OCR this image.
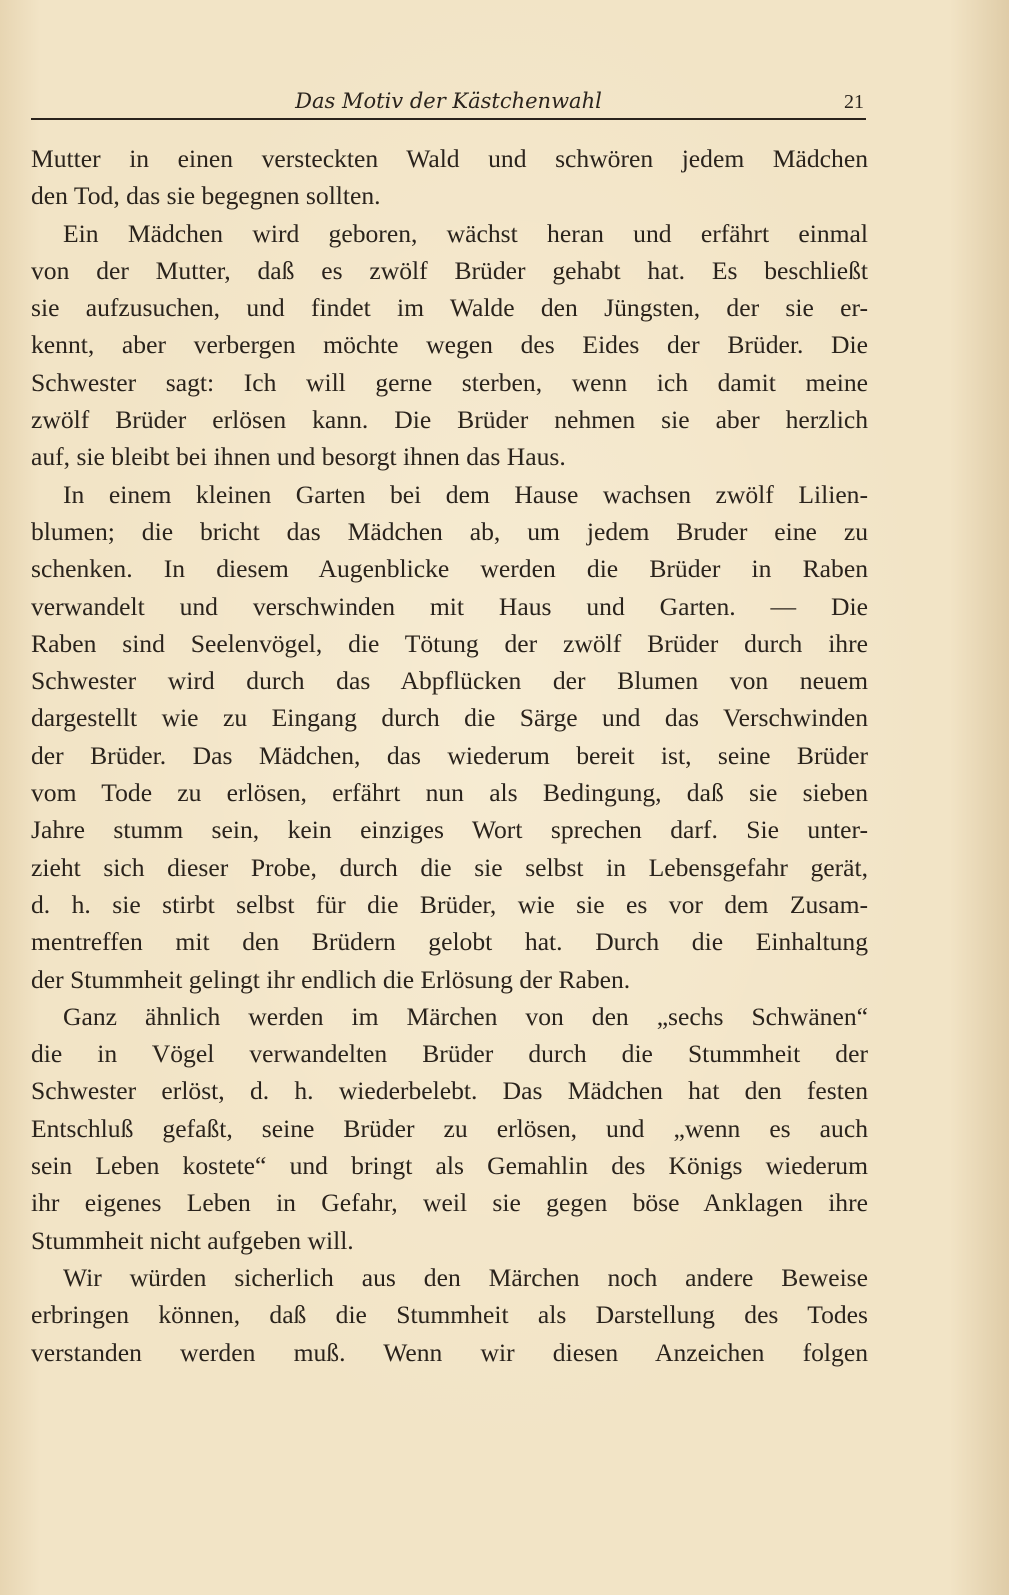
Das Motiv der Kästchenwahl	21
Mutter in einen versteckten Wald und schwören jedem Mädchen
den Tod, das sie begegnen sollten.
Ein Mädchen wird geboren, wächst heran und erfährt einmal
von der Mutter, daß es zwölf Brüder gehabt hat. Es beschließt
sie aufzusuchen, und findet im Walde den Jüngsten, der sie er-
kennt, aber verbergen möchte wegen des Eides der Brüder. Die
Schwester sagt: Ich will gerne sterben, wenn ich damit meine
zwölf Brüder erlösen kann. Die Brüder nehmen sie aber herzlich
auf, sie bleibt bei ihnen und besorgt ihnen das Haus.
In einem kleinen Garten bei dem Hause wachsen zwölf Lilien-
blumen; die bricht das Mädchen ab, um jedem Bruder eine zu
schenken. In diesem Augenblicke werden die Brüder in Raben
verwandelt und verschwinden mit Haus und Garten. — Die
Raben sind Seelenvögel, die Tötung der zwölf Brüder durch ihre
Schwester wird durch das Abpflücken der Blumen von neuem
dargestellt wie zu Eingang durch die Särge und das Verschwinden
der Brüder. Das Mädchen, das wiederum bereit ist, seine Brüder
vom Tode zu erlösen, erfährt nun als Bedingung, daß sie sieben
Jahre stumm sein, kein einziges Wort sprechen darf. Sie unter-
zieht sich dieser Probe, durch die sie selbst in Lebensgefahr gerät,
d. h. sie stirbt selbst für die Brüder, wie sie es vor dem Zusam-
mentreffen mit den Brüdern gelobt hat. Durch die Einhaltung
der Stummheit gelingt ihr endlich die Erlösung der Raben.
Ganz ähnlich werden im Märchen von den „sechs Schwänen“
die in Vögel verwandelten Brüder durch die Stummheit der
Schwester erlöst, d. h. wiederbelebt. Das Mädchen hat den festen
Entschluß gefaßt, seine Brüder zu erlösen, und „wenn es auch
sein Leben kostete“ und bringt als Gemahlin des Königs wiederum
ihr eigenes Leben in Gefahr, weil sie gegen böse Anklagen ihre
Stummheit nicht aufgeben will.
Wir würden sicherlich aus den Märchen noch andere Beweise
erbringen können, daß die Stummheit als Darstellung des Todes
verstanden werden muß. Wenn wir diesen Anzeichen folgen
